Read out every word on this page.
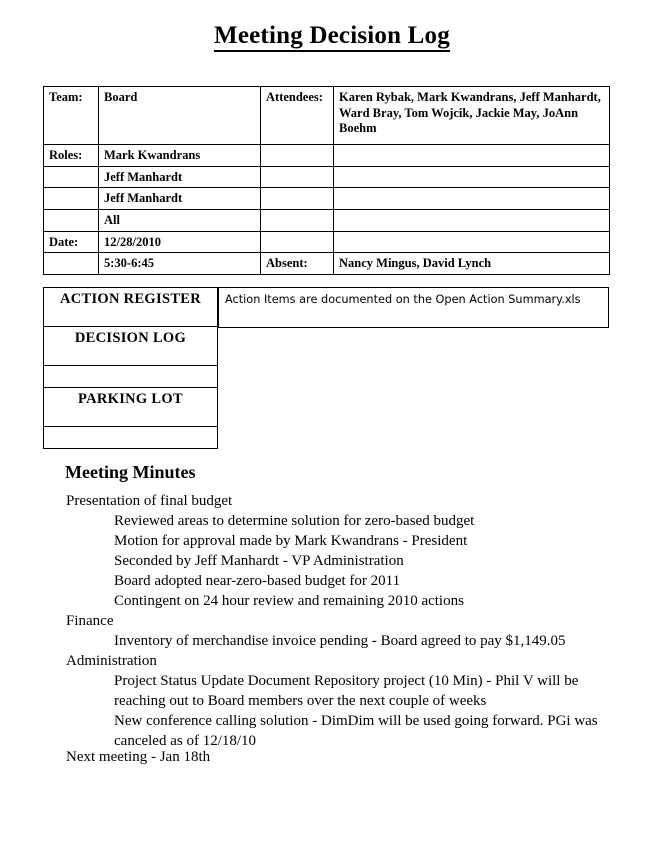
Meeting Decision Log
Team:	Board	Attendees:	Karen Rybak, Mark Kwandrans, Jeff Manhardt, Ward Bray, Tom Wojcik, Jackie May, JoAnn Boehm
Roles:	Mark Kwandrans		
	Jeff Manhardt		
	Jeff Manhardt		
	All		
Date:	12/28/2010		
	5:30-6:45	Absent:	Nancy Mingus, David Lynch
ACTION REGISTER
DECISION LOG

PARKING LOT

Action Items are documented on the Open Action Summary.xls
Meeting Minutes

Presentation of final budget

Reviewed areas to determine solution for zero-based budget

Motion for approval made by Mark Kwandrans - President

Seconded by Jeff Manhardt - VP Administration

Board adopted near-zero-based budget for 2011

Contingent on 24 hour review and remaining 2010 actions

Finance

Inventory of merchandise invoice pending - Board agreed to pay $1,149.05

Administration

Project Status Update Document Repository project (10 Min) - Phil V will be reaching out to Board members over the next couple of weeks

New conference calling solution - DimDim will be used going forward. PGi was canceled as of 12/18/10

Next meeting - Jan 18th
